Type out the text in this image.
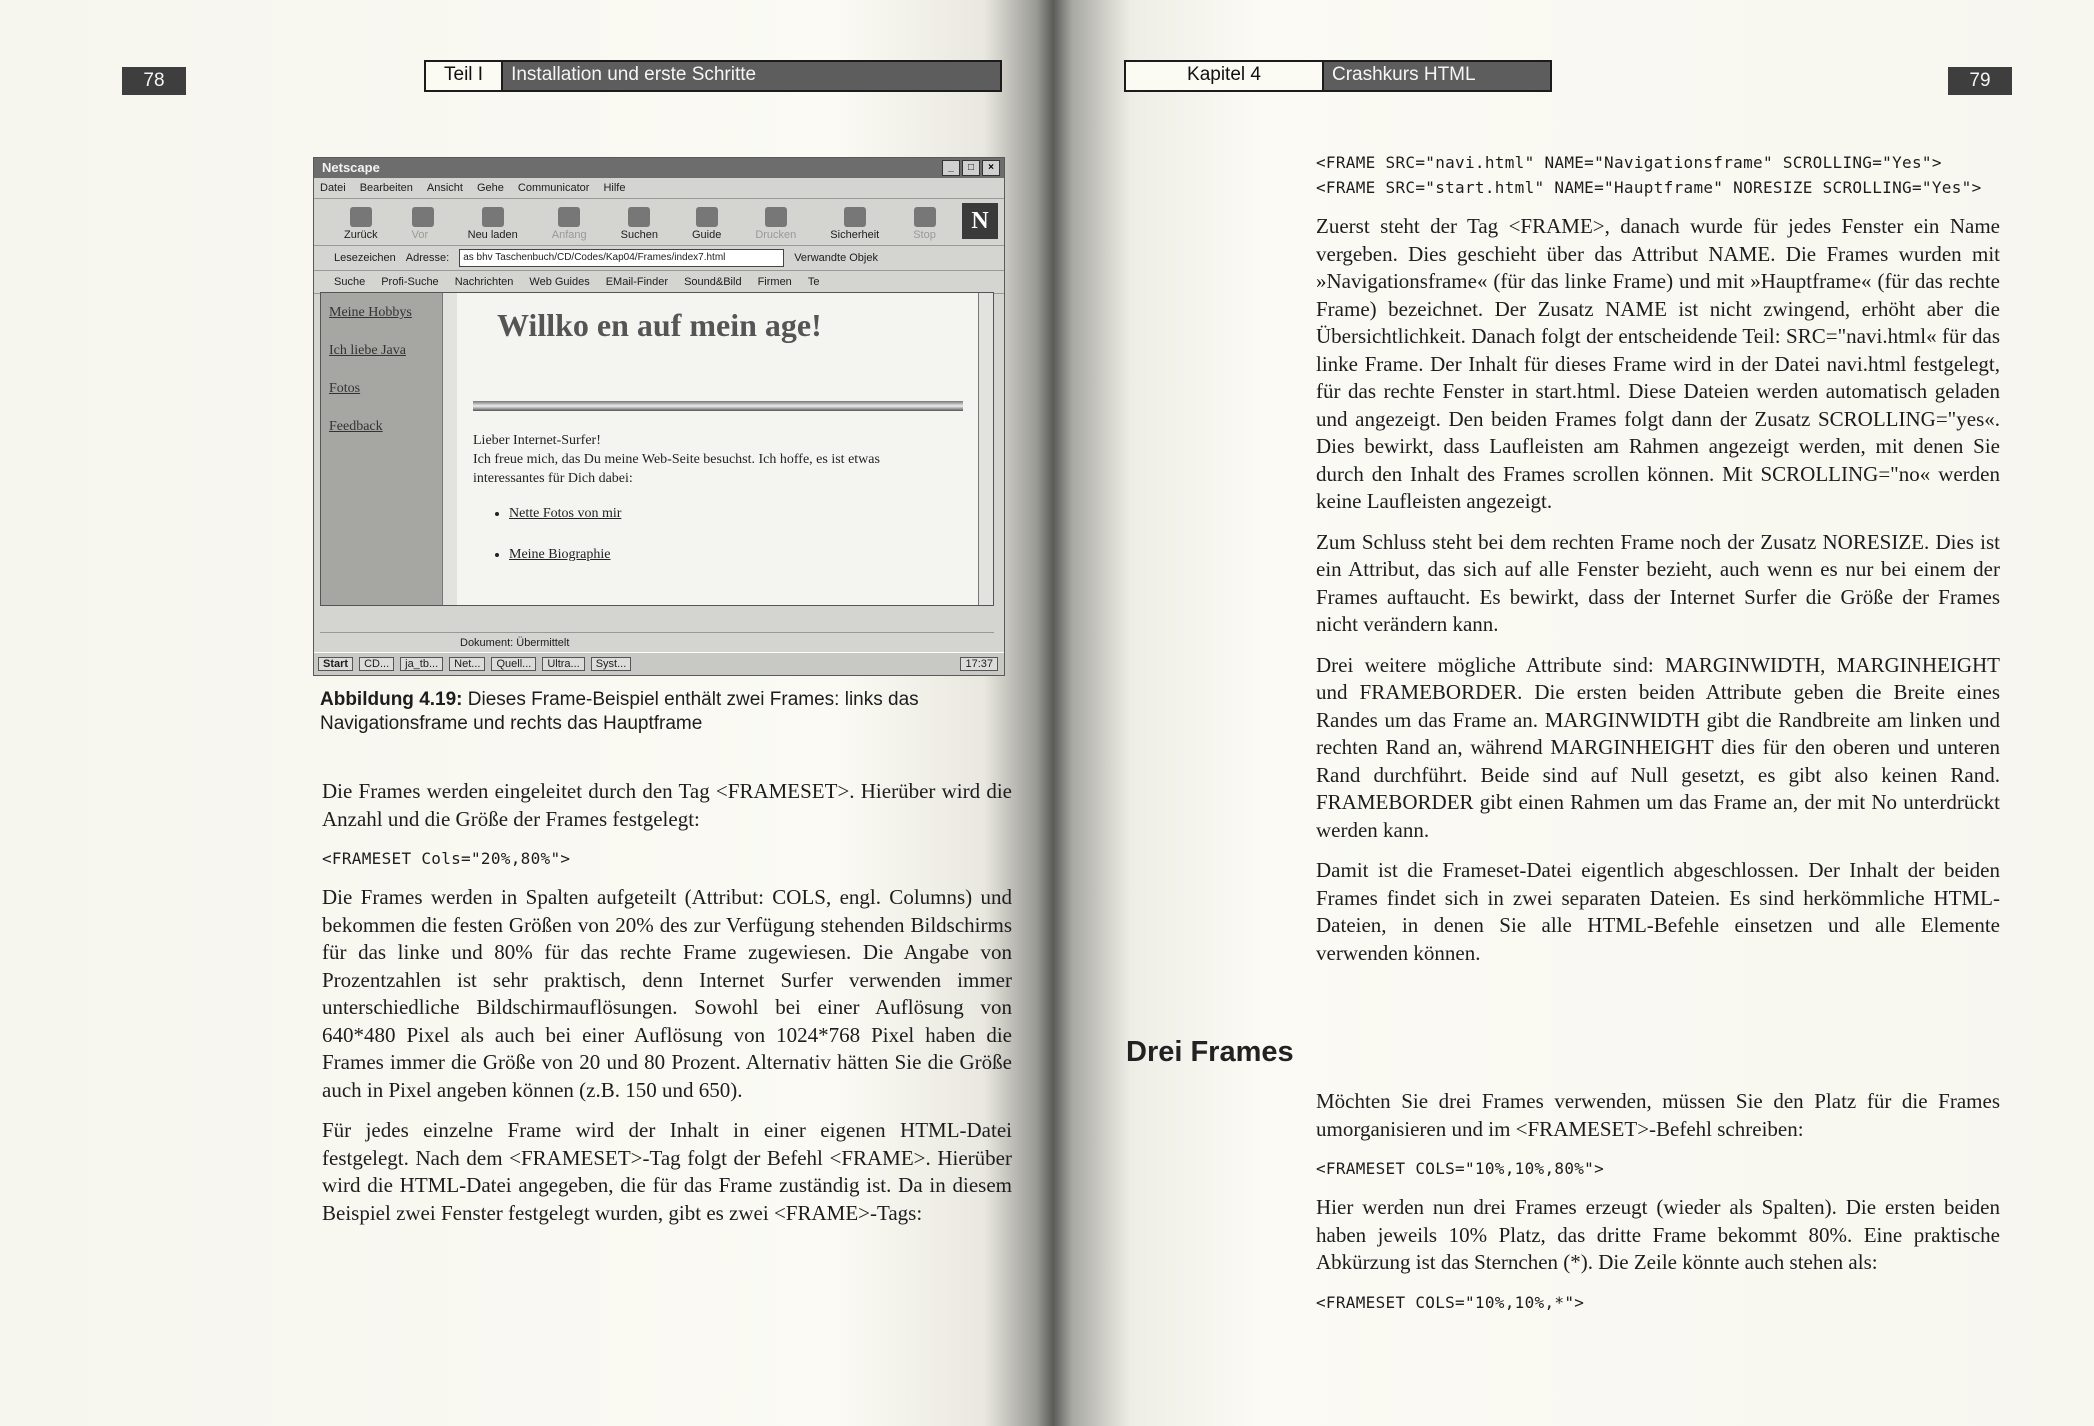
78	Teil I	Installation und erste Schritte
Netscape	_	□	×
Datei Bearbeiten Ansicht Gehe Communicator Hilfe
Zurück	Vor	Neu laden	Anfang	Suchen	Guide	Drucken	Sicherheit	Stop
N
Lesezeichen Adresse:	as bhv Taschenbuch/CD/Codes/Kap04/Frames/index7.html	Verwandte Objek
Suche Profi-Suche Nachrichten Web Guides EMail-Finder Sound&Bild Firmen Te
Meine Hobbys
Ich liebe Java
Fotos
Feedback
Willko en auf mein age!
Lieber Internet-Surfer!
Ich freue mich, das Du meine Web-Seite besuchst. Ich hoffe, es ist etwas
interessantes für Dich dabei:
• Nette Fotos von mir
• Meine Biographie
Dokument: Übermittelt
Start	CD...	ja_tb...	Net...	Quell...	Ultra...	Syst...	17:37
Abbildung 4.19: Dieses Frame-Beispiel enthält zwei Frames: links das Navigationsframe und rechts das Hauptframe

Die Frames werden eingeleitet durch den Tag <FRAMESET>. Hierüber wird die Anzahl und die Größe der Frames festgelegt:

<FRAMESET Cols="20%,80%">

Die Frames werden in Spalten aufgeteilt (Attribut: COLS, engl. Columns) und bekommen die festen Größen von 20% des zur Verfügung stehenden Bildschirms für das linke und 80% für das rechte Frame zugewiesen. Die Angabe von Prozentzahlen ist sehr praktisch, denn Internet Surfer verwenden immer unterschiedliche Bildschirmauflösungen. Sowohl bei einer Auflösung von 640*480 Pixel als auch bei einer Auflösung von 1024*768 Pixel haben die Frames immer die Größe von 20 und 80 Prozent. Alternativ hätten Sie die Größe auch in Pixel angeben können (z.B. 150 und 650).

Für jedes einzelne Frame wird der Inhalt in einer eigenen HTML-Datei festgelegt. Nach dem <FRAMESET>-Tag folgt der Befehl <FRAME>. Hierüber wird die HTML-Datei angegeben, die für das Frame zuständig ist. Da in diesem Beispiel zwei Fenster festgelegt wurden, gibt es zwei <FRAME>-Tags:

Kapitel 4	Crashkurs HTML	79
<FRAME SRC="navi.html" NAME="Navigationsframe" SCROLLING="Yes">
<FRAME SRC="start.html" NAME="Hauptframe" NORESIZE SCROLLING="Yes">

Zuerst steht der Tag <FRAME>, danach wurde für jedes Fenster ein Name vergeben. Dies geschieht über das Attribut NAME. Die Frames wurden mit »Navigationsframe« (für das linke Frame) und mit »Hauptframe« (für das rechte Frame) bezeichnet. Der Zusatz NAME ist nicht zwingend, erhöht aber die Übersichtlichkeit. Danach folgt der entscheidende Teil: SRC="navi.html« für das linke Frame. Der Inhalt für dieses Frame wird in der Datei navi.html festgelegt, für das rechte Fenster in start.html. Diese Dateien werden automatisch geladen und angezeigt. Den beiden Frames folgt dann der Zusatz SCROLLING="yes«. Dies bewirkt, dass Laufleisten am Rahmen angezeigt werden, mit denen Sie durch den Inhalt des Frames scrollen können. Mit SCROLLING="no« werden keine Laufleisten angezeigt.

Zum Schluss steht bei dem rechten Frame noch der Zusatz NORESIZE. Dies ist ein Attribut, das sich auf alle Fenster bezieht, auch wenn es nur bei einem der Frames auftaucht. Es bewirkt, dass der Internet Surfer die Größe der Frames nicht verändern kann.

Drei weitere mögliche Attribute sind: MARGINWIDTH, MARGINHEIGHT und FRAMEBORDER. Die ersten beiden Attribute geben die Breite eines Randes um das Frame an. MARGINWIDTH gibt die Randbreite am linken und rechten Rand an, während MARGINHEIGHT dies für den oberen und unteren Rand durchführt. Beide sind auf Null gesetzt, es gibt also keinen Rand. FRAMEBORDER gibt einen Rahmen um das Frame an, der mit No unterdrückt werden kann.

Damit ist die Frameset-Datei eigentlich abgeschlossen. Der Inhalt der beiden Frames findet sich in zwei separaten Dateien. Es sind herkömmliche HTML-Dateien, in denen Sie alle HTML-Befehle einsetzen und alle Elemente verwenden können.

Drei Frames

Möchten Sie drei Frames verwenden, müssen Sie den Platz für die Frames umorganisieren und im <FRAMESET>-Befehl schreiben:

<FRAMESET COLS="10%,10%,80%">

Hier werden nun drei Frames erzeugt (wieder als Spalten). Die ersten beiden haben jeweils 10% Platz, das dritte Frame bekommt 80%. Eine praktische Abkürzung ist das Sternchen (*). Die Zeile könnte auch stehen als:

<FRAMESET COLS="10%,10%,*">
